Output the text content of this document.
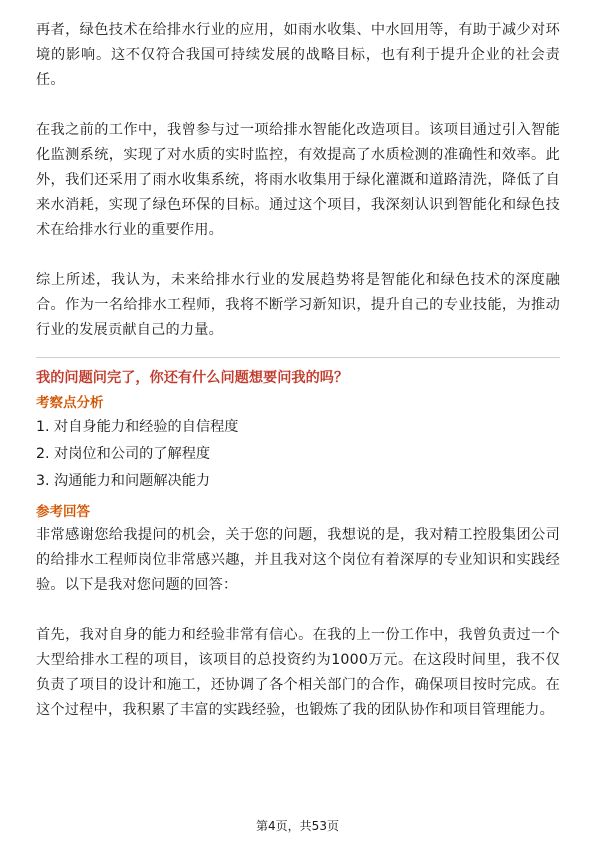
再者，绿色技术在给排水行业的应用，如雨水收集、中水回用等，有助于减少对环境的影响。这不仅符合我国可持续发展的战略目标，也有利于提升企业的社会责任。

在我之前的工作中，我曾参与过一项给排水智能化改造项目。该项目通过引入智能化监测系统，实现了对水质的实时监控，有效提高了水质检测的准确性和效率。此外，我们还采用了雨水收集系统，将雨水收集用于绿化灌溉和道路清洗，降低了自来水消耗，实现了绿色环保的目标。通过这个项目，我深刻认识到智能化和绿色技术在给排水行业的重要作用。

综上所述，我认为，未来给排水行业的发展趋势将是智能化和绿色技术的深度融合。作为一名给排水工程师，我将不断学习新知识，提升自己的专业技能，为推动行业的发展贡献自己的力量。

我的问题问完了，你还有什么问题想要问我的吗？

考察点分析

1. 对自身能力和经验的自信程度
2. 对岗位和公司的了解程度
3. 沟通能力和问题解决能力

参考回答

非常感谢您给我提问的机会，关于您的问题，我想说的是，我对精工控股集团公司的给排水工程师岗位非常感兴趣，并且我对这个岗位有着深厚的专业知识和实践经验。以下是我对您问题的回答：

首先，我对自身的能力和经验非常有信心。在我的上一份工作中，我曾负责过一个大型给排水工程的项目，该项目的总投资约为1000万元。在这段时间里，我不仅负责了项目的设计和施工，还协调了各个相关部门的合作，确保项目按时完成。在这个过程中，我积累了丰富的实践经验，也锻炼了我的团队协作和项目管理能力。

第4页，共53页
